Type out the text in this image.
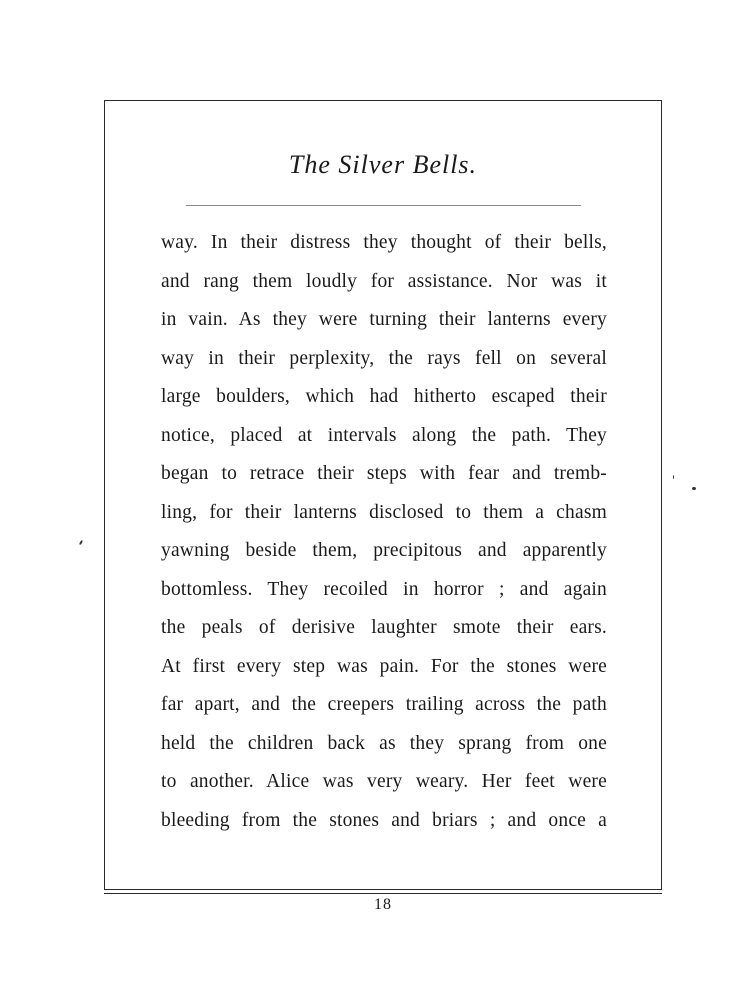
The Silver Bells.
way. In their distress they thought of their bells,
and rang them loudly for assistance. Nor was it
in vain. As they were turning their lanterns every
way in their perplexity, the rays fell on several
large boulders, which had hitherto escaped their
notice, placed at intervals along the path. They
began to retrace their steps with fear and tremb-
ling, for their lanterns disclosed to them a chasm
yawning beside them, precipitous and apparently
bottomless. They recoiled in horror ; and again
the peals of derisive laughter smote their ears.
At first every step was pain. For the stones were
far apart, and the creepers trailing across the path
held the children back as they sprang from one
to another. Alice was very weary. Her feet were
bleeding from the stones and briars ; and once a
18
